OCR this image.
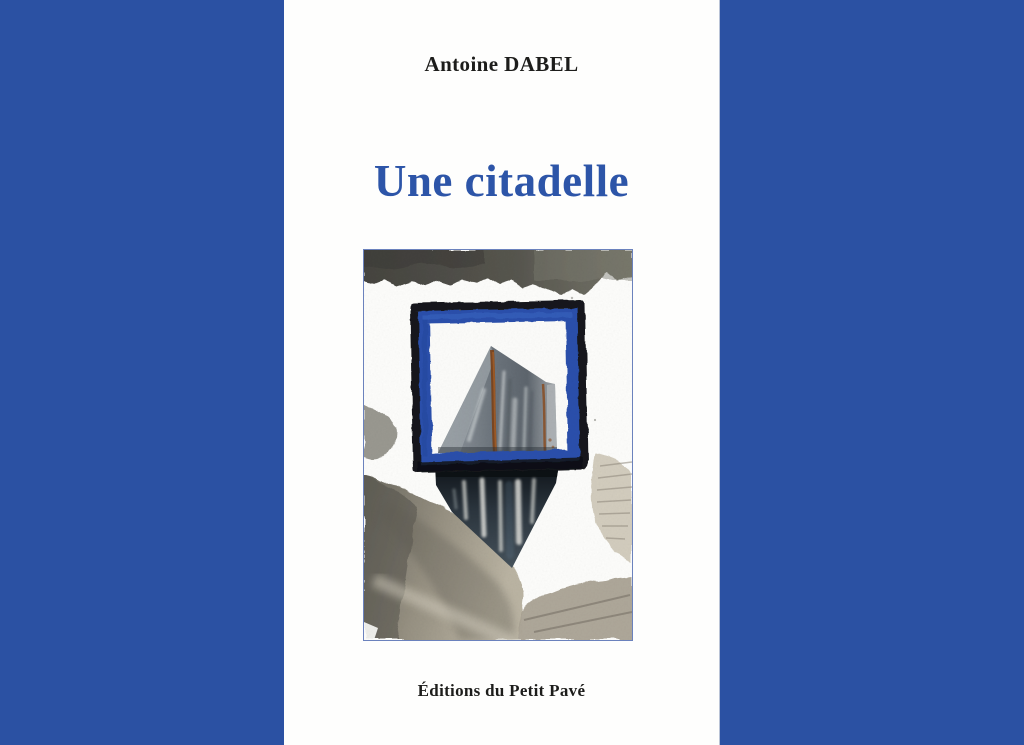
Antoine DABEL
Une citadelle
Éditions du Petit Pavé
